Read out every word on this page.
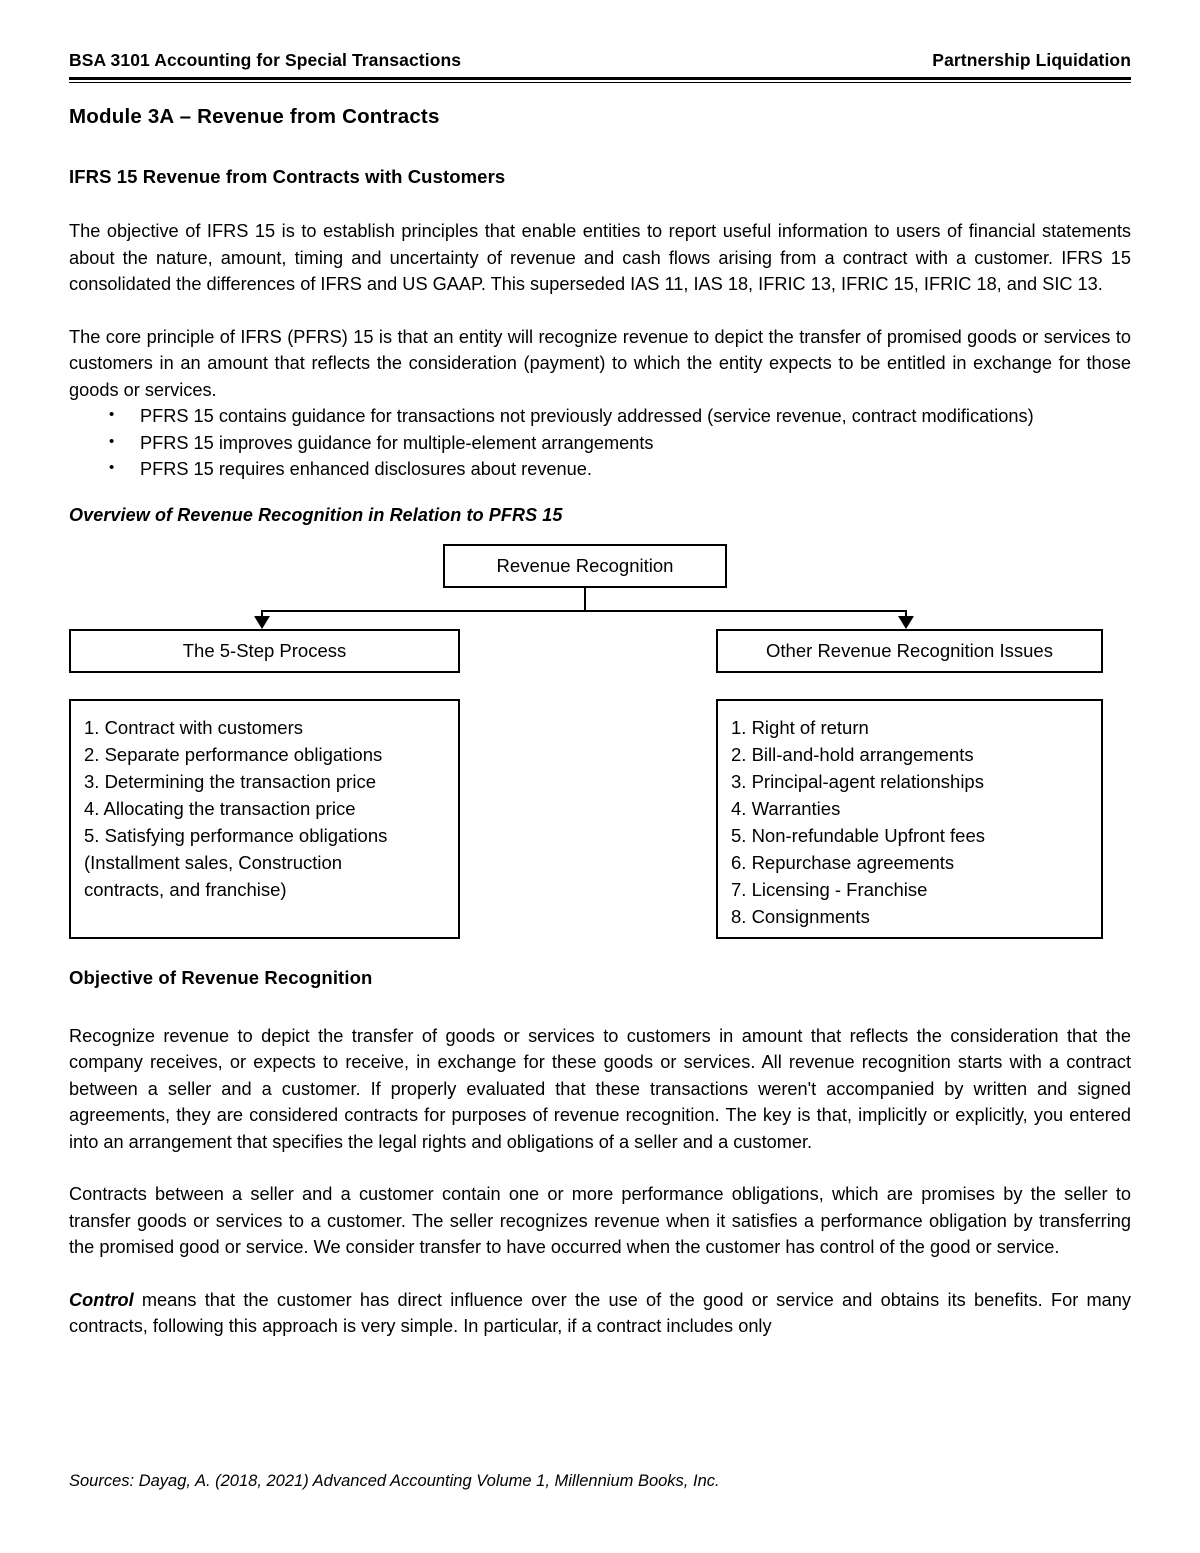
BSA 3101 Accounting for Special Transactions	Partnership Liquidation
Module 3A – Revenue from Contracts
IFRS 15 Revenue from Contracts with Customers

The objective of IFRS 15 is to establish principles that enable entities to report useful information to users of financial statements about the nature, amount, timing and uncertainty of revenue and cash flows arising from a contract with a customer. IFRS 15 consolidated the differences of IFRS and US GAAP. This superseded IAS 11, IAS 18, IFRIC 13, IFRIC 15, IFRIC 18, and SIC 13.

The core principle of IFRS (PFRS) 15 is that an entity will recognize revenue to depict the transfer of promised goods or services to customers in an amount that reflects the consideration (payment) to which the entity expects to be entitled in exchange for those goods or services.

• PFRS 15 contains guidance for transactions not previously addressed (service revenue, contract modifications)
• PFRS 15 improves guidance for multiple-element arrangements
• PFRS 15 requires enhanced disclosures about revenue.
Overview of Revenue Recognition in Relation to PFRS 15
Revenue Recognition
The 5-Step Process	Other Revenue Recognition Issues
1. Contract with customers
2. Separate performance obligations
3. Determining the transaction price
4. Allocating the transaction price
5. Satisfying performance obligations
(Installment sales, Construction
contracts, and franchise)
1. Right of return
2. Bill-and-hold arrangements
3. Principal-agent relationships
4. Warranties
5. Non-refundable Upfront fees
6. Repurchase agreements
7. Licensing - Franchise
8. Consignments
Objective of Revenue Recognition

Recognize revenue to depict the transfer of goods or services to customers in amount that reflects the consideration that the company receives, or expects to receive, in exchange for these goods or services. All revenue recognition starts with a contract between a seller and a customer. If properly evaluated that these transactions weren't accompanied by written and signed agreements, they are considered contracts for purposes of revenue recognition. The key is that, implicitly or explicitly, you entered into an arrangement that specifies the legal rights and obligations of a seller and a customer.

Contracts between a seller and a customer contain one or more performance obligations, which are promises by the seller to transfer goods or services to a customer. The seller recognizes revenue when it satisfies a performance obligation by transferring the promised good or service. We consider transfer to have occurred when the customer has control of the good or service.

Control means that the customer has direct influence over the use of the good or service and obtains its benefits. For many contracts, following this approach is very simple. In particular, if a contract includes only

Sources: Dayag, A. (2018, 2021) Advanced Accounting Volume 1, Millennium Books, Inc.
